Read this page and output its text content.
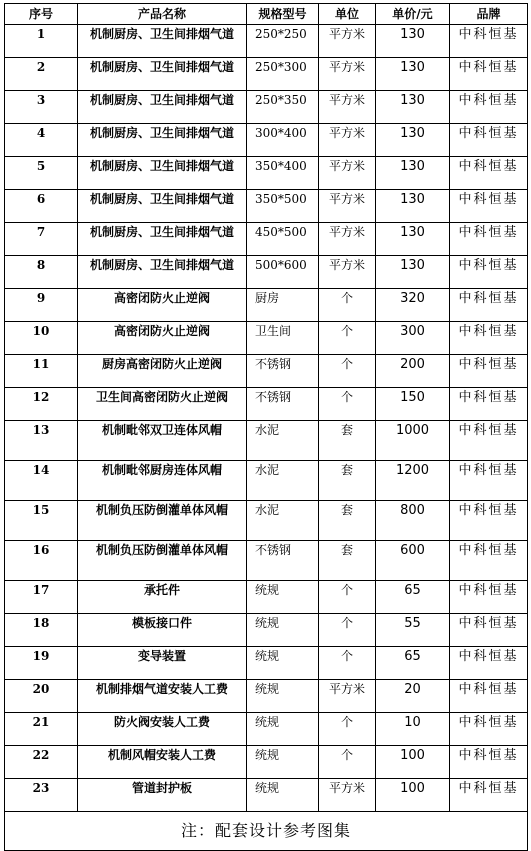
序号	产品名称	规格型号	单位	单价/元	品牌
1	机制厨房、卫生间排烟气道	250*250	平方米	130	中科恒基
2	机制厨房、卫生间排烟气道	250*300	平方米	130	中科恒基
3	机制厨房、卫生间排烟气道	250*350	平方米	130	中科恒基
4	机制厨房、卫生间排烟气道	300*400	平方米	130	中科恒基
5	机制厨房、卫生间排烟气道	350*400	平方米	130	中科恒基
6	机制厨房、卫生间排烟气道	350*500	平方米	130	中科恒基
7	机制厨房、卫生间排烟气道	450*500	平方米	130	中科恒基
8	机制厨房、卫生间排烟气道	500*600	平方米	130	中科恒基
9	高密闭防火止逆阀	厨房	个	320	中科恒基
10	高密闭防火止逆阀	卫生间	个	300	中科恒基
11	厨房高密闭防火止逆阀	不锈钢	个	200	中科恒基
12	卫生间高密闭防火止逆阀	不锈钢	个	150	中科恒基
13	机制毗邻双卫连体风帽	水泥	套	1000	中科恒基
14	机制毗邻厨房连体风帽	水泥	套	1200	中科恒基
15	机制负压防倒灌单体风帽	水泥	套	800	中科恒基
16	机制负压防倒灌单体风帽	不锈钢	套	600	中科恒基
17	承托件	统规	个	65	中科恒基
18	模板接口件	统规	个	55	中科恒基
19	变导装置	统规	个	65	中科恒基
20	机制排烟气道安装人工费	统规	平方米	20	中科恒基
21	防火阀安装人工费	统规	个	10	中科恒基
22	机制风帽安装人工费	统规	个	100	中科恒基
23	管道封护板	统规	平方米	100	中科恒基
注：配套设计参考图集					
